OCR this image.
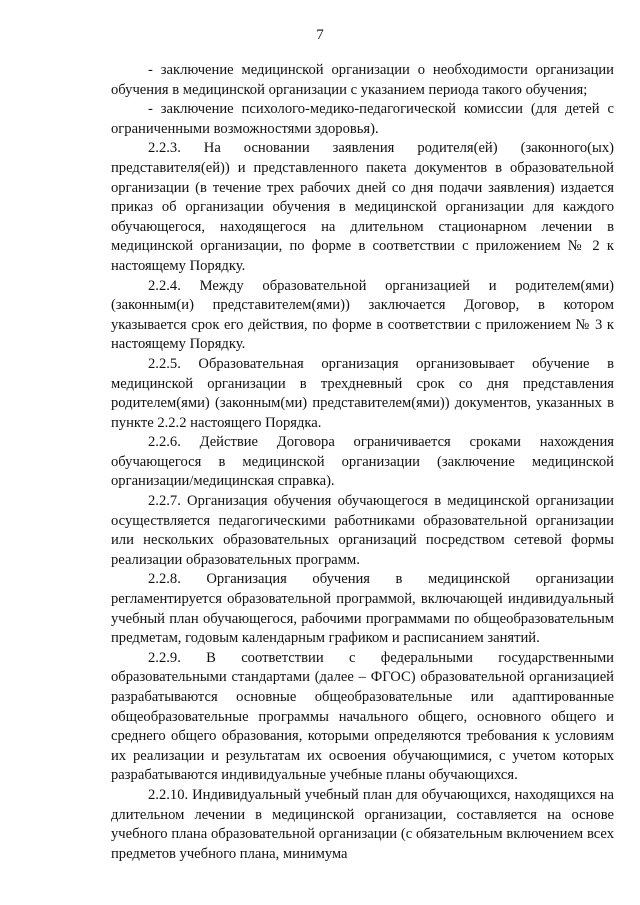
7

- заключение медицинской организации о необходимости организации обучения в медицинской организации с указанием периода такого обучения;

- заключение психолого-медико-педагогической комиссии (для детей с ограниченными возможностями здоровья).

2.2.3. На основании заявления родителя(ей) (законного(ых) представителя(ей)) и представленного пакета документов в образовательной организации (в течение трех рабочих дней со дня подачи заявления) издается приказ об организации обучения в медицинской организации для каждого обучающегося, находящегося на длительном стационарном лечении в медицинской организации, по форме в соответствии с приложением № 2 к настоящему Порядку.

2.2.4. Между образовательной организацией и родителем(ями) (законным(и) представителем(ями)) заключается Договор, в котором указывается срок его действия, по форме в соответствии с приложением № 3 к настоящему Порядку.

2.2.5. Образовательная организация организовывает обучение в медицинской организации в трехдневный срок со дня представления родителем(ями) (законным(ми) представителем(ями)) документов, указанных в пункте 2.2.2 настоящего Порядка.

2.2.6. Действие Договора ограничивается сроками нахождения обучающегося в медицинской организации (заключение медицинской организации/медицинская справка).

2.2.7. Организация обучения обучающегося в медицинской организации осуществляется педагогическими работниками образовательной организации или нескольких образовательных организаций посредством сетевой формы реализации образовательных программ.

2.2.8. Организация обучения в медицинской организации регламентируется образовательной программой, включающей индивидуальный учебный план обучающегося, рабочими программами по общеобразовательным предметам, годовым календарным графиком и расписанием занятий.

2.2.9. В соответствии с федеральными государственными образовательными стандартами (далее – ФГОС) образовательной организацией разрабатываются основные общеобразовательные или адаптированные общеобразовательные программы начального общего, основного общего и среднего общего образования, которыми определяются требования к условиям их реализации и результатам их освоения обучающимися, с учетом которых разрабатываются индивидуальные учебные планы обучающихся.

2.2.10. Индивидуальный учебный план для обучающихся, находящихся на длительном лечении в медицинской организации, составляется на основе учебного плана образовательной организации (с обязательным включением всех предметов учебного плана, минимума
